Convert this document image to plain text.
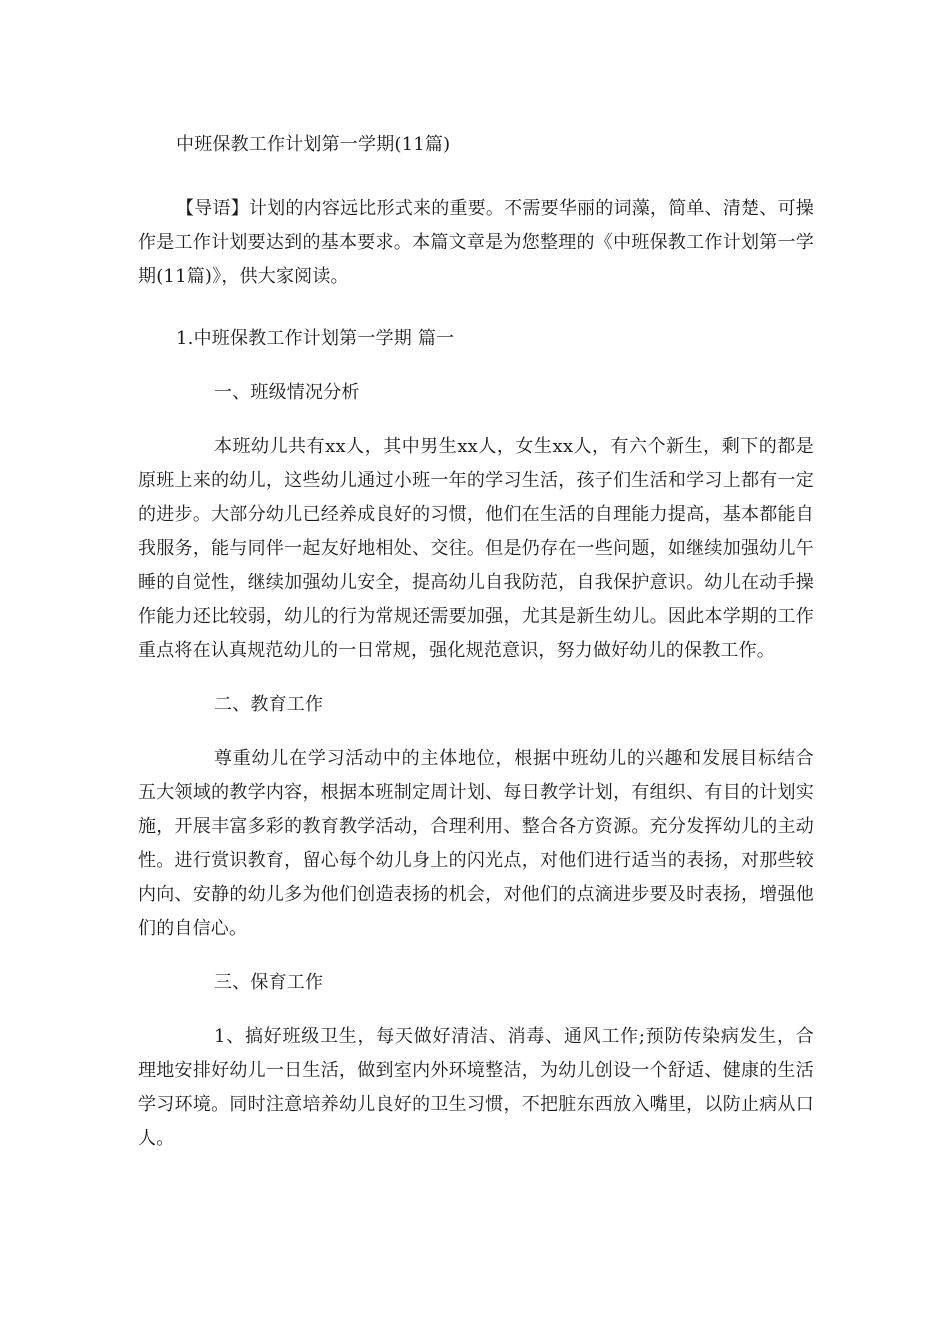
中班保教工作计划第一学期(11篇)

【导语】计划的内容远比形式来的重要。不需要华丽的词藻，简单、清楚、可操作是工作计划要达到的基本要求。本篇文章是为您整理的《中班保教工作计划第一学期(11篇)》，供大家阅读。

1.中班保教工作计划第一学期 篇一

一、班级情况分析

本班幼儿共有xx人，其中男生xx人，女生xx人，有六个新生，剩下的都是原班上来的幼儿，这些幼儿通过小班一年的学习生活，孩子们生活和学习上都有一定的进步。大部分幼儿已经养成良好的习惯，他们在生活的自理能力提高，基本都能自我服务，能与同伴一起友好地相处、交往。但是仍存在一些问题，如继续加强幼儿午睡的自觉性，继续加强幼儿安全，提高幼儿自我防范，自我保护意识。幼儿在动手操作能力还比较弱，幼儿的行为常规还需要加强，尤其是新生幼儿。因此本学期的工作重点将在认真规范幼儿的一日常规，强化规范意识，努力做好幼儿的保教工作。

二、教育工作

尊重幼儿在学习活动中的主体地位，根据中班幼儿的兴趣和发展目标结合五大领域的教学内容，根据本班制定周计划、每日教学计划，有组织、有目的计划实施，开展丰富多彩的教育教学活动，合理利用、整合各方资源。充分发挥幼儿的主动性。进行赏识教育，留心每个幼儿身上的闪光点，对他们进行适当的表扬，对那些较内向、安静的幼儿多为他们创造表扬的机会，对他们的点滴进步要及时表扬，增强他们的自信心。

三、保育工作

1、搞好班级卫生，每天做好清洁、消毒、通风工作;预防传染病发生，合理地安排好幼儿一日生活，做到室内外环境整洁，为幼儿创设一个舒适、健康的生活学习环境。同时注意培养幼儿良好的卫生习惯，不把脏东西放入嘴里，以防止病从口人。
